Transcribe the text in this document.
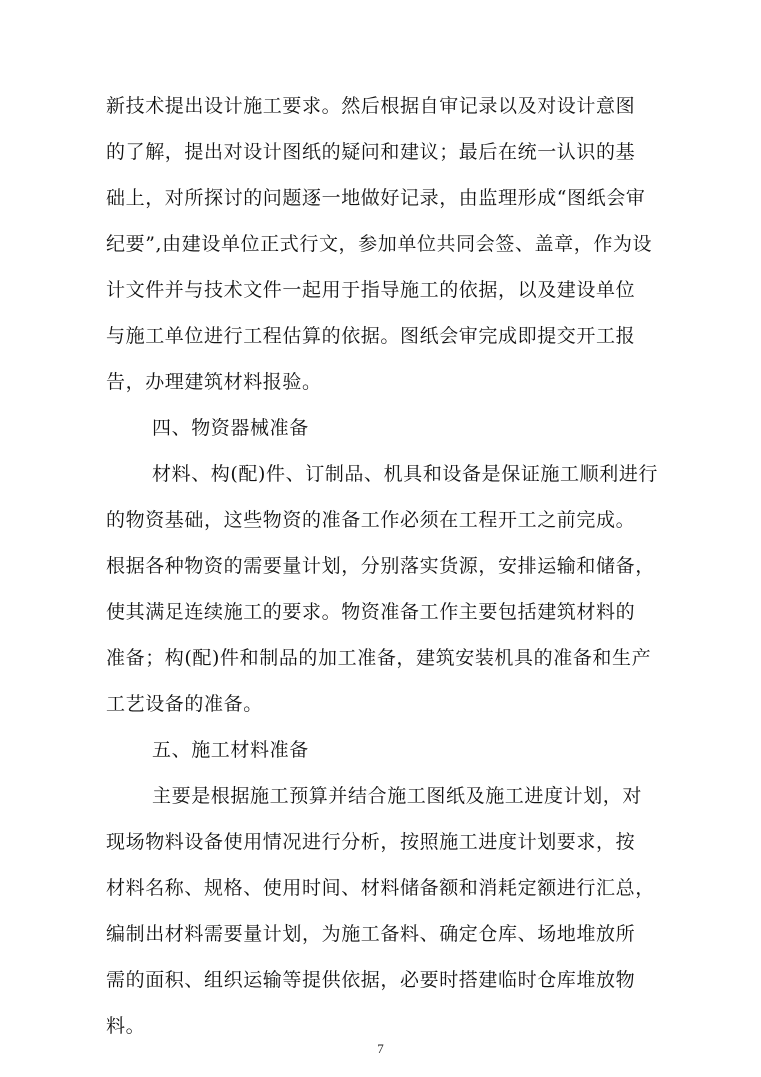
新技术提出设计施工要求。然后根据自审记录以及对设计意图
的了解，提出对设计图纸的疑问和建议；最后在统一认识的基
础上，对所探讨的问题逐一地做好记录，由监理形成“图纸会审
纪要”,由建设单位正式行文，参加单位共同会签、盖章，作为设
计文件并与技术文件一起用于指导施工的依据，以及建设单位
与施工单位进行工程估算的依据。图纸会审完成即提交开工报
告，办理建筑材料报验。
四、物资器械准备
材料、构(配)件、订制品、机具和设备是保证施工顺利进行
的物资基础，这些物资的准备工作必须在工程开工之前完成。
根据各种物资的需要量计划，分别落实货源，安排运输和储备，
使其满足连续施工的要求。物资准备工作主要包括建筑材料的
准备；构(配)件和制品的加工准备，建筑安装机具的准备和生产
工艺设备的准备。
五、施工材料准备
主要是根据施工预算并结合施工图纸及施工进度计划，对
现场物料设备使用情况进行分析，按照施工进度计划要求，按
材料名称、规格、使用时间、材料储备额和消耗定额进行汇总，
编制出材料需要量计划，为施工备料、确定仓库、场地堆放所
需的面积、组织运输等提供依据，必要时搭建临时仓库堆放物
料。
7
